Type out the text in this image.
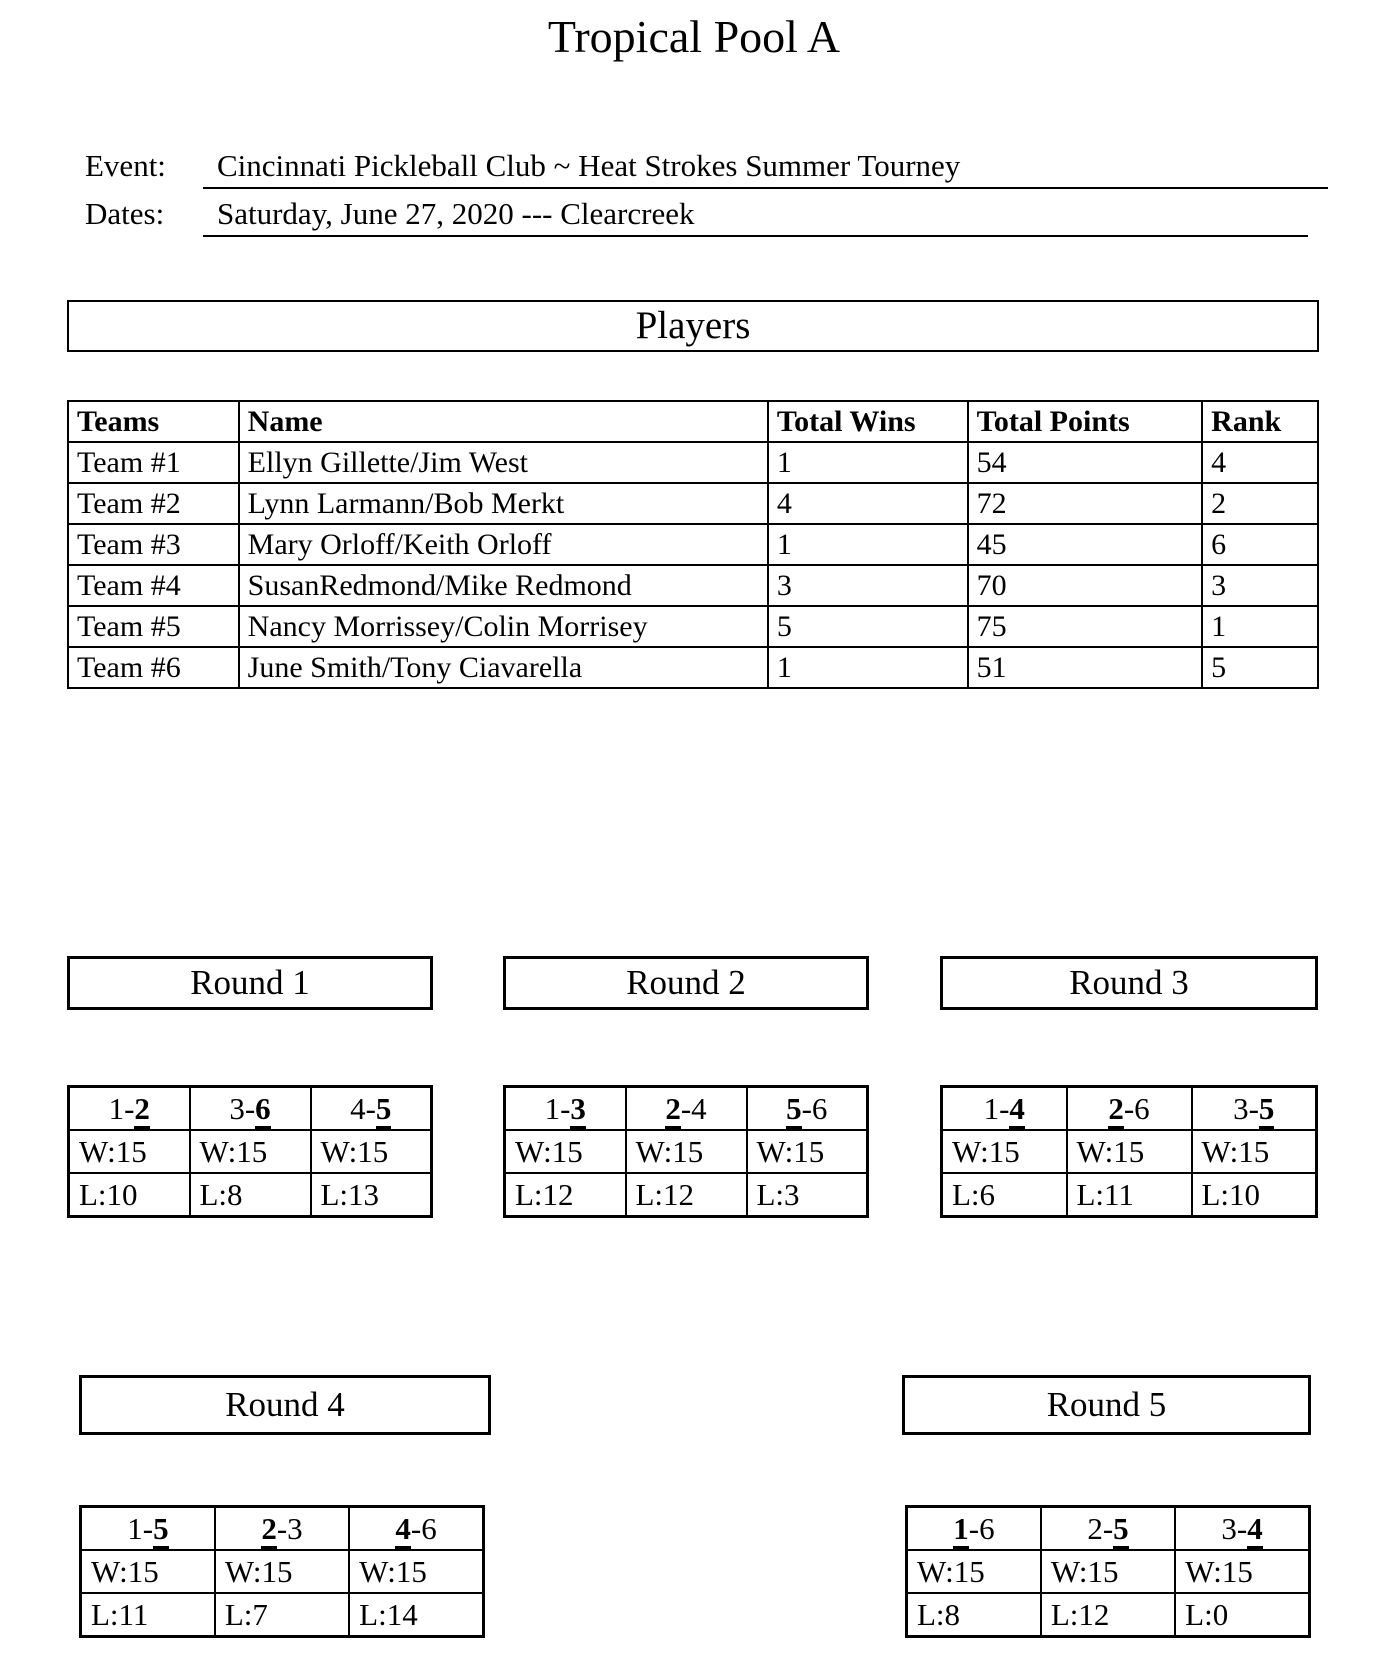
Tropical Pool A
Event:	Cincinnati Pickleball Club ~ Heat Strokes Summer Tourney
Dates:	Saturday, June 27, 2020 --- Clearcreek
Players
Teams	Name	Total Wins	Total Points	Rank
Team #1	Ellyn Gillette/Jim West	1	54	4
Team #2	Lynn Larmann/Bob Merkt	4	72	2
Team #3	Mary Orloff/Keith Orloff	1	45	6
Team #4	SusanRedmond/Mike Redmond	3	70	3
Team #5	Nancy Morrissey/Colin Morrisey	5	75	1
Team #6	June Smith/Tony Ciavarella	1	51	5
Round 1	Round 2	Round 3
Round 4	Round 5
1-2	3-6	4-5
W:15	W:15	W:15
L:10	L:8	L:13
1-3	2-4	5-6
W:15	W:15	W:15
L:12	L:12	L:3
1-4	2-6	3-5
W:15	W:15	W:15
L:6	L:11	L:10
1-5	2-3	4-6
W:15	W:15	W:15
L:11	L:7	L:14
1-6	2-5	3-4
W:15	W:15	W:15
L:8	L:12	L:0
